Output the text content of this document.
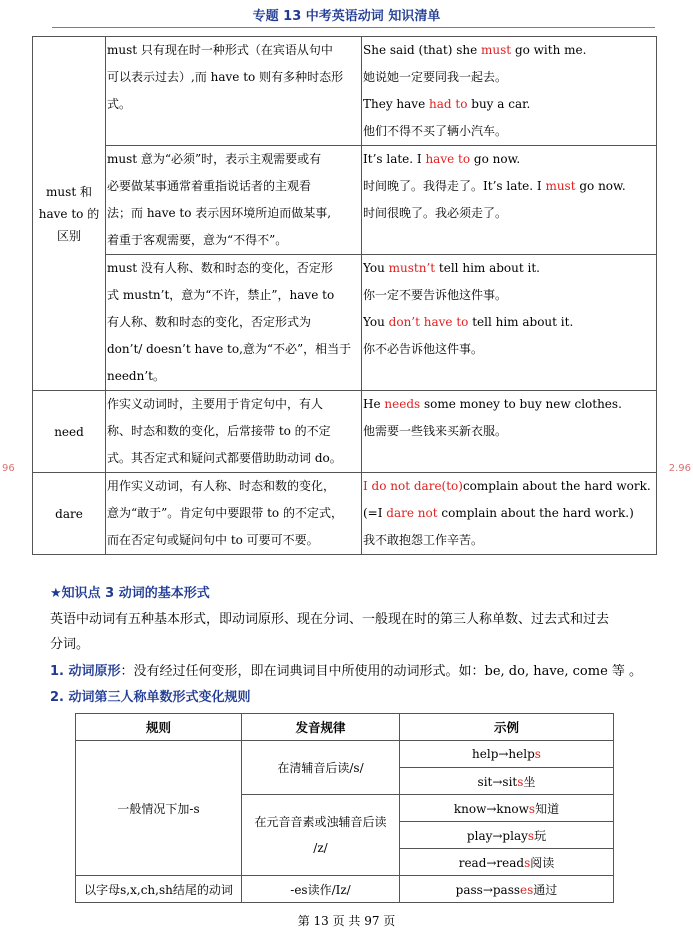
专题 13 中考英语动词 知识清单
96	2.96
must 和 have to 的区别	must 只有现在时一种形式（在宾语从句中
可以表示过去）,而 have to 则有多种时态形
式。	She said (that) she must go with me.
她说她一定要同我一起去。
They have had to buy a car.
他们不得不买了辆小汽车。

	must 意为“必须”时，表示主观需要或有
必要做某事通常着重指说话者的主观看
法；而 have to 表示因环境所迫而做某事,
着重于客观需要，意为“不得不”。	It’s late. I have to go now.
时间晚了。我得走了。It’s late. I must go now.
时间很晚了。我必须走了。

	must 没有人称、数和时态的变化，否定形
式 mustn’t，意为“不许，禁止”，have to
有人称、数和时态的变化，否定形式为
don’t/ doesn’t have to,意为“不必”，相当于
needn’t。	You mustn’t tell him about it.
你一定不要告诉他这件事。
You don’t have to tell him about it.
你不必告诉他这件事。

need	作实义动词时，主要用于肯定句中，有人
称、时态和数的变化，后常接带 to 的不定
式。其否定式和疑问式都要借助助动词 do。	He needs some money to buy new clothes.
他需要一些钱来买新衣服。

dare	用作实义动词，有人称、时态和数的变化，
意为“敢于”。肯定句中要跟带 to 的不定式，
而在否定句或疑问句中 to 可要可不要。	I do not dare(to)complain about the hard work.
(=I dare not complain about the hard work.)
我不敢抱怨工作辛苦。
★知识点 3 动词的基本形式
英语中动词有五种基本形式，即动词原形、现在分词、一般现在时的第三人称单数、过去式和过去
分词。
1. 动词原形：没有经过任何变形，即在词典词目中所使用的动词形式。如：be, do, have, come 等 。
2. 动词第三人称单数形式变化规则
规则	发音规律	示例
一般情况下加-s	在清辅音后读/s/	help→helps
		sit→sits坐
	在元音音素或浊辅音后读
/z/	know→knows知道
		play→plays玩
		read→reads阅读
以字母s,x,ch,sh结尾的动词	-es读作/Iz/	pass→passes通过
第 13 页 共 97 页
